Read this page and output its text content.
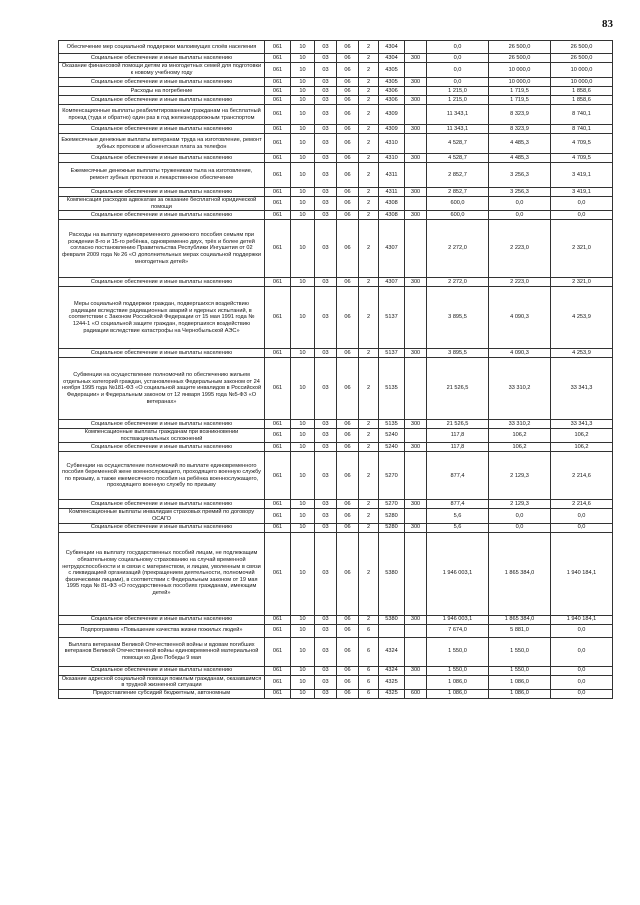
83
Обеспечение мер социальной поддержки малоимущих слоёв населения	061	10	03	06	2	4304		0,0	26 500,0	26 500,0
Социальное обеспечение и иные выплаты населению	061	10	03	06	2	4304	300	0,0	26 500,0	26 500,0
Оказание финансовой помощи детям из многодетных семей для подготовки к новому учебному году	061	10	03	06	2	4305		0,0	10 000,0	10 000,0
Социальное обеспечение и иные выплаты населению	061	10	03	06	2	4305	300	0,0	10 000,0	10 000,0
Расходы на погребение	061	10	03	06	2	4306		1 215,0	1 719,5	1 858,6
Социальное обеспечение и иные выплаты населению	061	10	03	06	2	4306	300	1 215,0	1 719,5	1 858,6
Компенсационные выплаты реабилитированным гражданам на бесплатный проезд (туда и обратно) один раз в год железнодорожным транспортом	061	10	03	06	2	4309		11 343,1	8 323,9	8 740,1
Социальное обеспечение и иные выплаты населению	061	10	03	06	2	4309	300	11 343,1	8 323,9	8 740,1
Ежемесячные денежные выплаты ветеранам труда на изготовление, ремонт зубных протезов и абонентская плата за телефон	061	10	03	06	2	4310		4 528,7	4 485,3	4 709,5
Социальное обеспечение и иные выплаты населению	061	10	03	06	2	4310	300	4 528,7	4 485,3	4 709,5
Ежемесячные денежные выплаты труженикам тыла на изготовление, ремонт зубных протезов и лекарственное обеспечение	061	10	03	06	2	4311		2 852,7	3 256,3	3 419,1
Социальное обеспечение и иные выплаты населению	061	10	03	06	2	4311	300	2 852,7	3 256,3	3 419,1
Компенсация расходов адвокатам за оказание бесплатной юридической помощи	061	10	03	06	2	4308		600,0	0,0	0,0
Социальное обеспечение и иные выплаты населению	061	10	03	06	2	4308	300	600,0	0,0	0,0
Расходы на выплату единовременного денежного пособия семьям при рождении 8-го и 15-го ребёнка, одновременно двух, трёх и более детей согласно постановлению Правительства Республики Ингушетия от 02 февраля 2009 года № 26 «О дополнительных мерах социальной поддержки многодетных детей»	061	10	03	06	2	4307		2 272,0	2 223,0	2 321,0
Социальное обеспечение и иные выплаты населению	061	10	03	06	2	4307	300	2 272,0	2 223,0	2 321,0
Меры социальной поддержки граждан, подвергшихся воздействию радиации вследствие радиационных аварий и ядерных испытаний, в соответствии с Законом Российской Федерации от 15 мая 1991 года № 1244-1 «О социальной защите граждан, подвергшихся воздействию радиации вследствие катастрофы на Чернобыльской АЭС»	061	10	03	06	2	5137		3 895,5	4 090,3	4 253,9
Социальное обеспечение и иные выплаты населению	061	10	03	06	2	5137	300	3 895,5	4 090,3	4 253,9
Субвенции на осуществление полномочий по обеспечению жильем отдельных категорий граждан, установленных Федеральным законом от 24 ноября 1995 года №181-ФЗ «О социальной защите инвалидов в Российской Федерации» и Федеральным законом от 12 января 1995 года №5-ФЗ «О ветеранах»	061	10	03	06	2	5135		21 526,5	33 310,2	33 341,3
Социальное обеспечение и иные выплаты населению	061	10	03	06	2	5135	300	21 526,5	33 310,2	33 341,3
Компенсационные выплаты гражданам при возникновении поствакцинальных осложнений	061	10	03	06	2	5240		117,8	106,2	106,2
Социальное обеспечение и иные выплаты населению	061	10	03	06	2	5240	300	117,8	106,2	106,2
Субвенции на осуществление полномочий по выплате единовременного пособия беременной жене военнослужащего, проходящего военную службу по призыву, а также ежемесячного пособия на ребёнка военнослужащего, проходящего военную службу по призыву	061	10	03	06	2	5270		877,4	2 129,3	2 214,6
Социальное обеспечение и иные выплаты населению	061	10	03	06	2	5270	300	877,4	2 129,3	2 214,6
Компенсационные выплаты инвалидам страховых премий по договору ОСАГО	061	10	03	06	2	5280		5,6	0,0	0,0
Социальное обеспечение и иные выплаты населению	061	10	03	06	2	5280	300	5,6	0,0	0,0
Субвенции на выплату государственных пособий лицам, не подлежащим обязательному социальному страхованию на случай временной нетрудоспособности и в связи с материнством, и лицам, уволенным в связи с ликвидацией организаций (прекращением деятельности, полномочий физическими лицами), в соответствии с Федеральным законом от 19 мая 1995 года № 81-ФЗ «О государственных пособиях гражданам, имеющим детей»	061	10	03	06	2	5380		1 946 003,1	1 865 384,0	1 940 184,1
Социальное обеспечение и иные выплаты населению	061	10	03	06	2	5380	300	1 946 003,1	1 865 384,0	1 940 184,1
Подпрограмма «Повышение качества жизни пожилых людей»	061	10	03	06	6			7 674,0	5 881,0	0,0
Выплата ветеранам Великой Отечественной войны и вдовам погибших ветеранов Великой Отечественной войны единовременной материальной помощи ко Дню Победы 9 мая	061	10	03	06	6	4324		1 550,0	1 550,0	0,0
Социальное обеспечение и иные выплаты населению	061	10	03	06	6	4324	300	1 550,0	1 550,0	0,0
Оказание адресной социальной помощи пожилым гражданам, оказавшимся в трудной жизненной ситуации	061	10	03	06	6	4325		1 086,0	1 086,0	0,0
Предоставление субсидий бюджетным, автономным	061	10	03	06	6	4325	600	1 086,0	1 086,0	0,0
